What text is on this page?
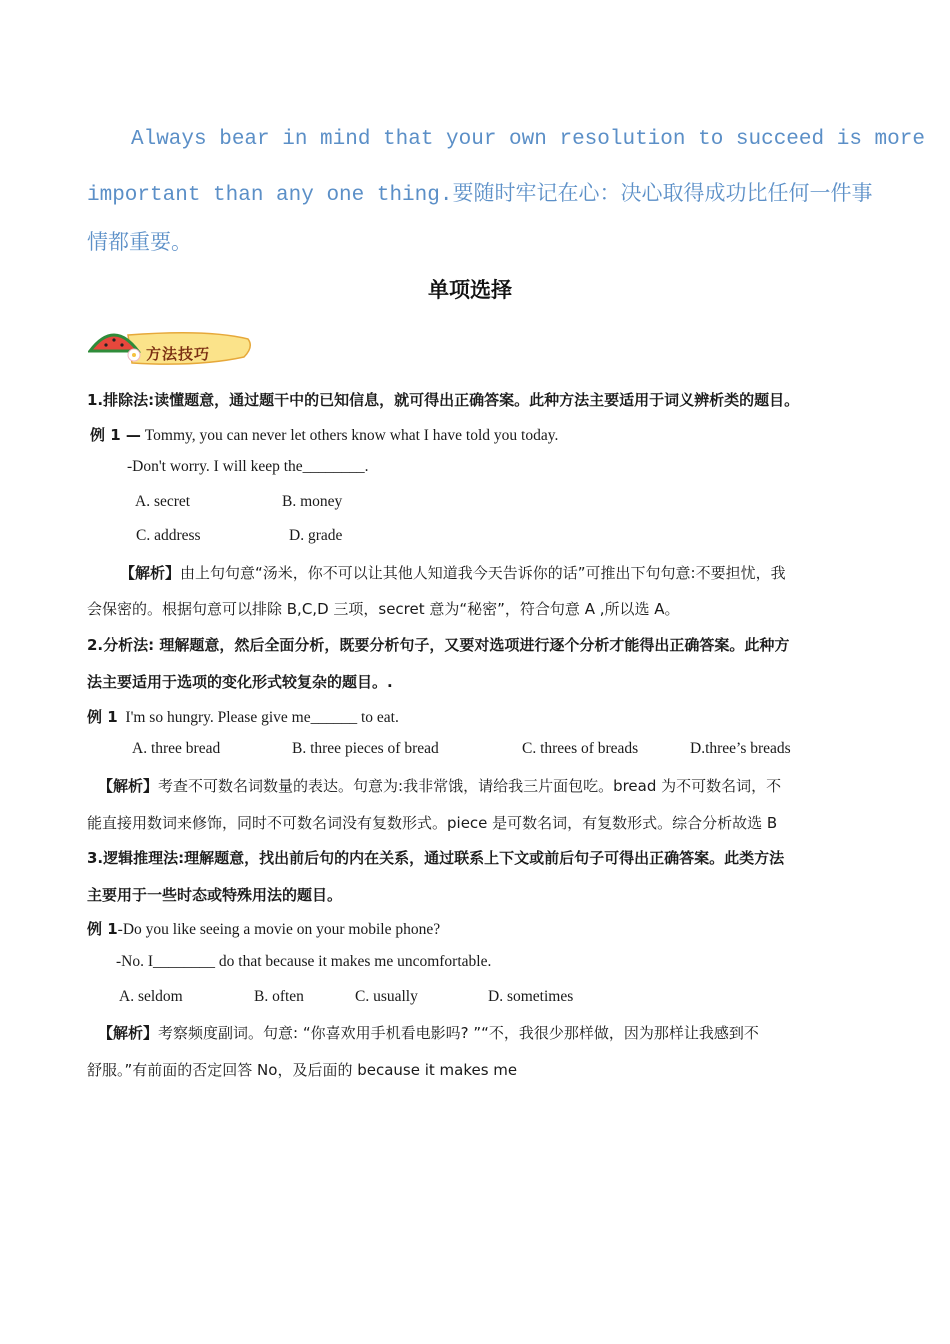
Always bear in mind that your own resolution to succeed is more
important than any one thing.要随时牢记在心：决心取得成功比任何一件事
情都重要。
单项选择
方法技巧
1.排除法:读懂题意，通过题干中的已知信息，就可得出正确答案。此种方法主要适用于词义辨析类的题目。
例 1 — Tommy, you can never let others know what I have told you today.
-Don't worry. I will keep the________.
A. secret	B. money
C. address	D. grade
【解析】由上句句意“汤米，你不可以让其他人知道我今天告诉你的话”可推出下句句意:不要担忧，我
会保密的。根据句意可以排除 B,C,D 三项，secret 意为“秘密”，符合句意 A ,所以选 A。
2.分析法: 理解题意，然后全面分析，既要分析句子，又要对选项进行逐个分析才能得出正确答案。此种方
法主要适用于选项的变化形式较复杂的题目。.
例 1 I'm so hungry. Please give me______ to eat.
A. three bread	B. three pieces of bread	C. threes of breads	D.three’s breads
【解析】考查不可数名词数量的表达。句意为:我非常饿，请给我三片面包吃。bread 为不可数名词，不
能直接用数词来修饰，同时不可数名词没有复数形式。piece 是可数名词，有复数形式。综合分析故选 B
3.逻辑推理法:理解题意，找出前后句的内在关系，通过联系上下文或前后句子可得出正确答案。此类方法
主要用于一些时态或特殊用法的题目。
例 1-Do you like seeing a movie on your mobile phone?
-No. I________ do that because it makes me uncomfortable.
A. seldom	B. often	C. usually	D. sometimes
【解析】考察频度副词。句意: “你喜欢用手机看电影吗? ”“不，我很少那样做，因为那样让我感到不
舒服。”有前面的否定回答 No，及后面的 because it makes me
